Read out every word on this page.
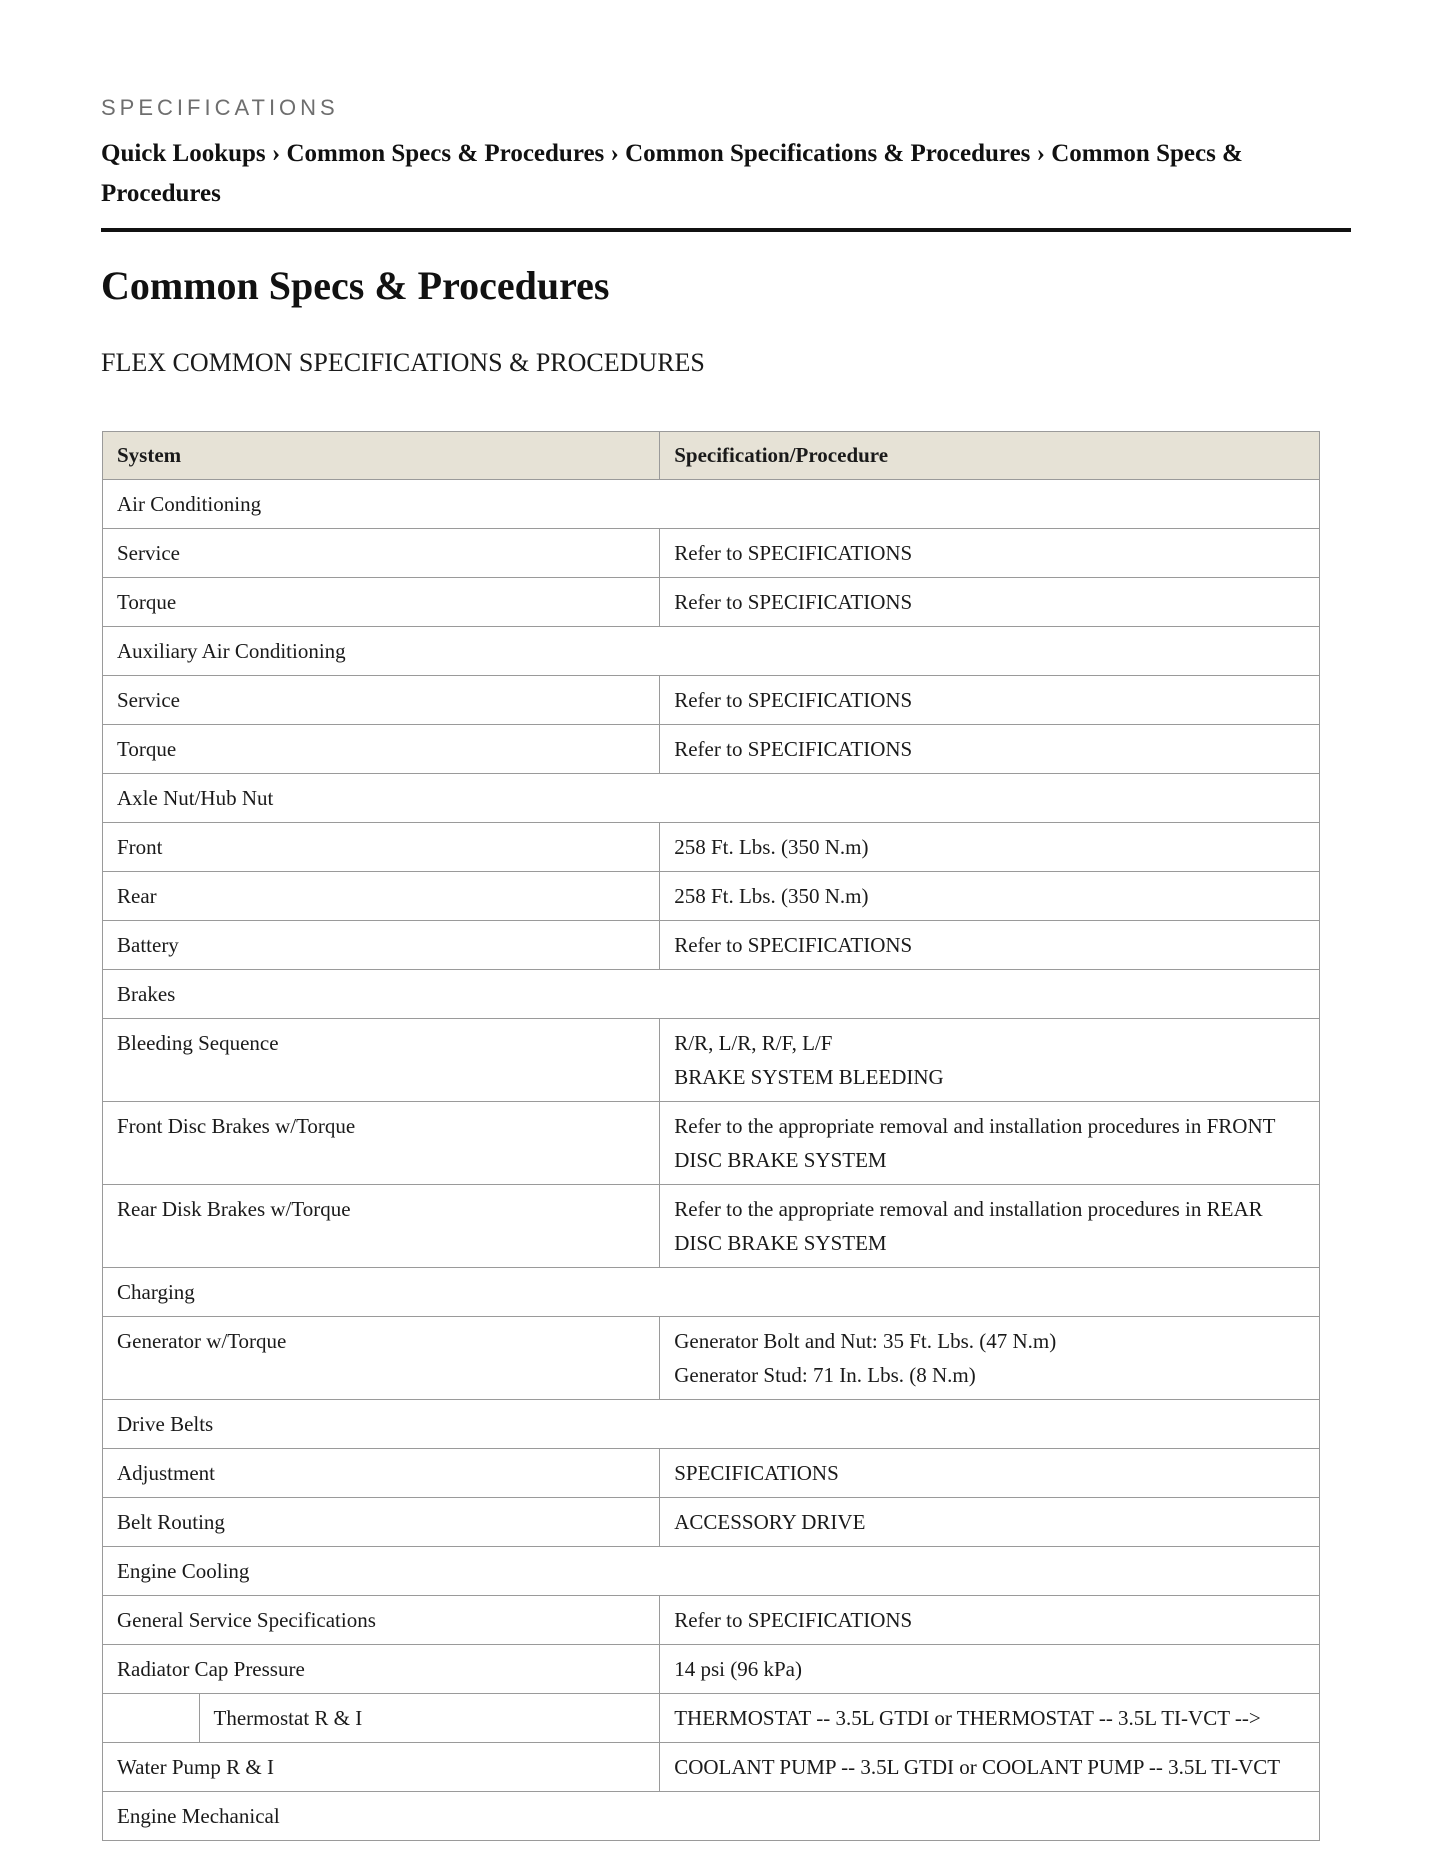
SPECIFICATIONS
Quick Lookups › Common Specs & Procedures › Common Specifications & Procedures › Common Specs & Procedures
Common Specs & Procedures
FLEX COMMON SPECIFICATIONS & PROCEDURES
System		Specification/Procedure
Air Conditioning		
Service		Refer to SPECIFICATIONS
Torque		Refer to SPECIFICATIONS
Auxiliary Air Conditioning		
Service		Refer to SPECIFICATIONS
Torque		Refer to SPECIFICATIONS
Axle Nut/Hub Nut		
Front		258 Ft. Lbs. (350 N.m)
Rear		258 Ft. Lbs. (350 N.m)
Battery		Refer to SPECIFICATIONS
Brakes		
Bleeding Sequence		R/R, L/R, R/F, L/F
BRAKE SYSTEM BLEEDING

Front Disc Brakes w/Torque		Refer to the appropriate removal and installation procedures in FRONT DISC BRAKE SYSTEM
Rear Disk Brakes w/Torque		Refer to the appropriate removal and installation procedures in REAR DISC BRAKE SYSTEM
Charging		
Generator w/Torque		Generator Bolt and Nut: 35 Ft. Lbs. (47 N.m)
Generator Stud: 71 In. Lbs. (8 N.m)

Drive Belts		
Adjustment		SPECIFICATIONS
Belt Routing		ACCESSORY DRIVE
Engine Cooling		
General Service Specifications		Refer to SPECIFICATIONS
Radiator Cap Pressure		14 psi (96 kPa)
	Thermostat R & I	THERMOSTAT -- 3.5L GTDI or THERMOSTAT -- 3.5L TI-VCT -->
Water Pump R & I		COOLANT PUMP -- 3.5L GTDI or COOLANT PUMP -- 3.5L TI-VCT
Engine Mechanical		
